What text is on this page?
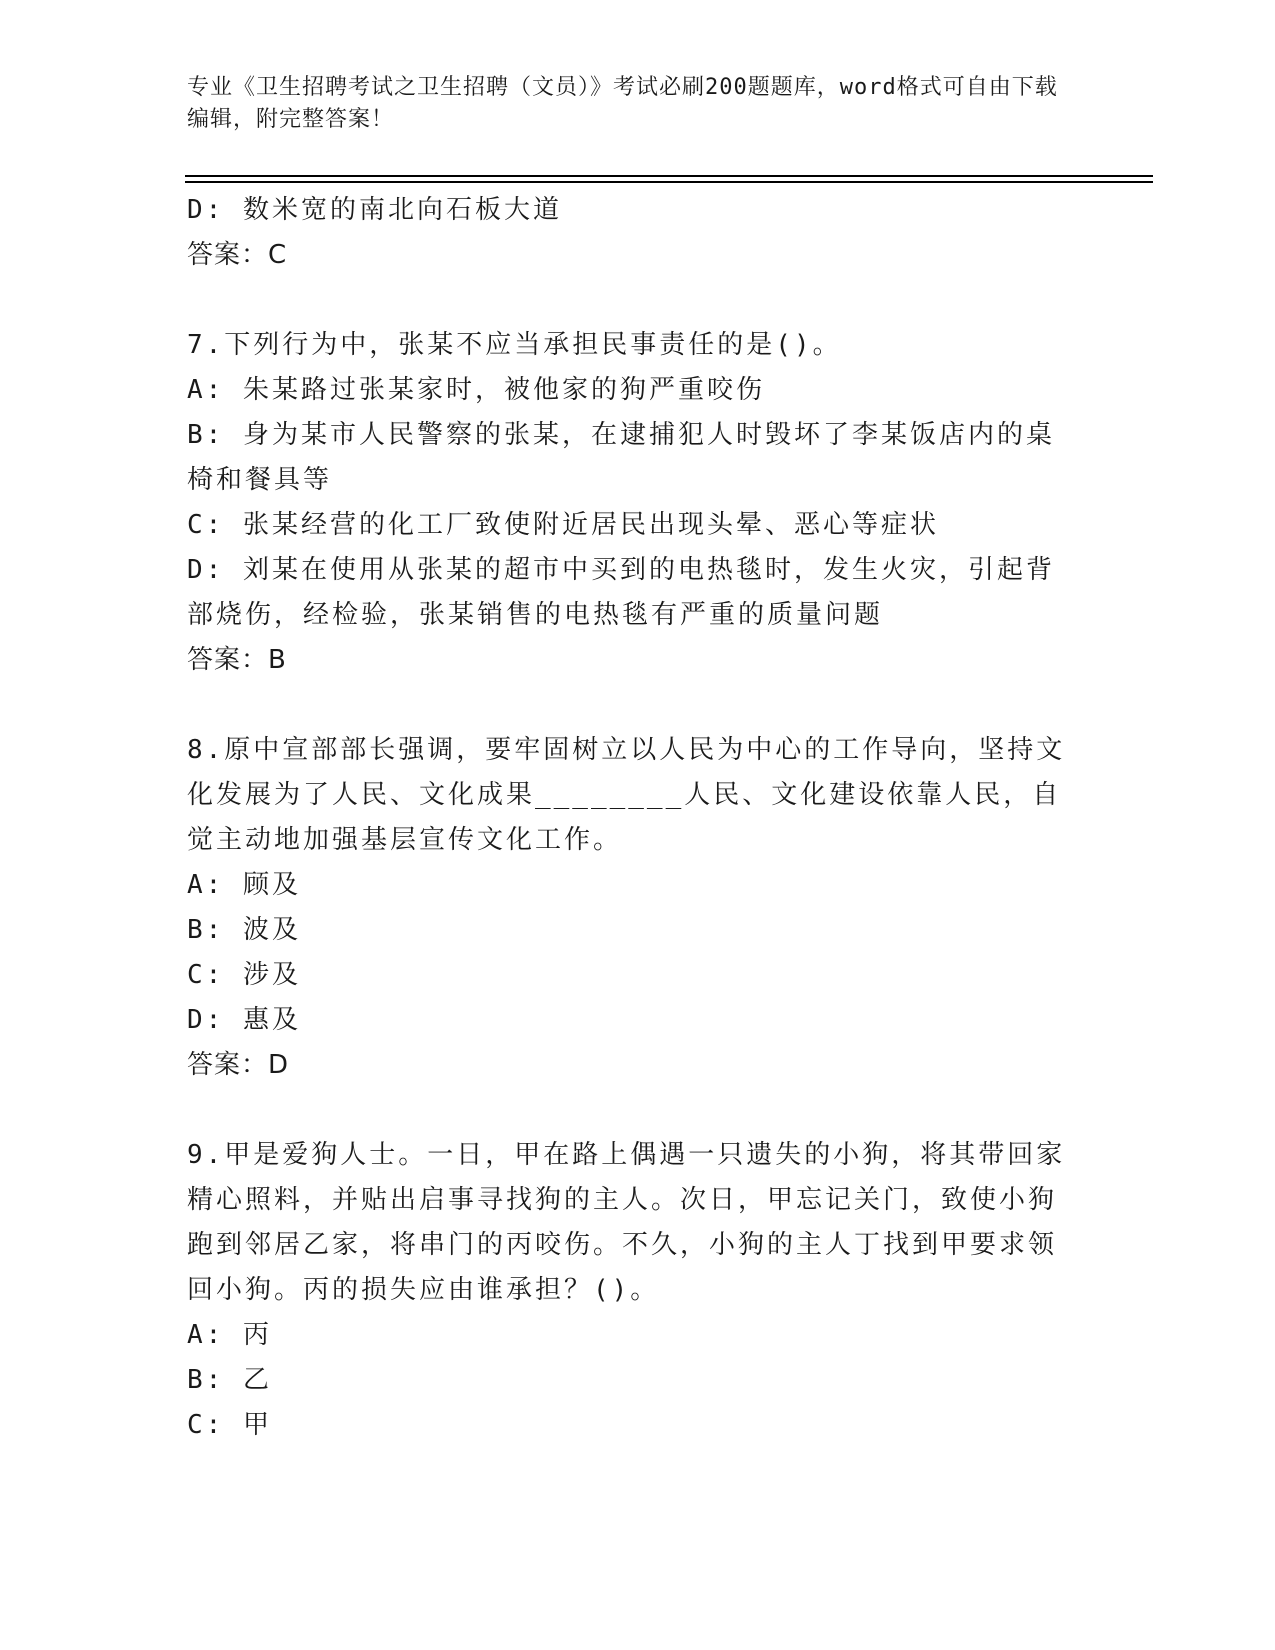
专业《卫生招聘考试之卫生招聘（文员）》考试必刷200题题库，word格式可自由下载编辑，附完整答案！

D: 数米宽的南北向石板大道

答案：C

7.下列行为中，张某不应当承担民事责任的是()。

A: 朱某路过张某家时，被他家的狗严重咬伤

B: 身为某市人民警察的张某，在逮捕犯人时毁坏了李某饭店内的桌椅和餐具等

C: 张某经营的化工厂致使附近居民出现头晕、恶心等症状

D: 刘某在使用从张某的超市中买到的电热毯时，发生火灾，引起背部烧伤，经检验，张某销售的电热毯有严重的质量问题

答案：B

8.原中宣部部长强调，要牢固树立以人民为中心的工作导向，坚持文化发展为了人民、文化成果________人民、文化建设依靠人民，自觉主动地加强基层宣传文化工作。

A: 顾及

B: 波及

C: 涉及

D: 惠及

答案：D

9.甲是爱狗人士。一日，甲在路上偶遇一只遗失的小狗，将其带回家精心照料，并贴出启事寻找狗的主人。次日，甲忘记关门，致使小狗跑到邻居乙家，将串门的丙咬伤。不久，小狗的主人丁找到甲要求领回小狗。丙的损失应由谁承担？()。

A: 丙

B: 乙

C: 甲
